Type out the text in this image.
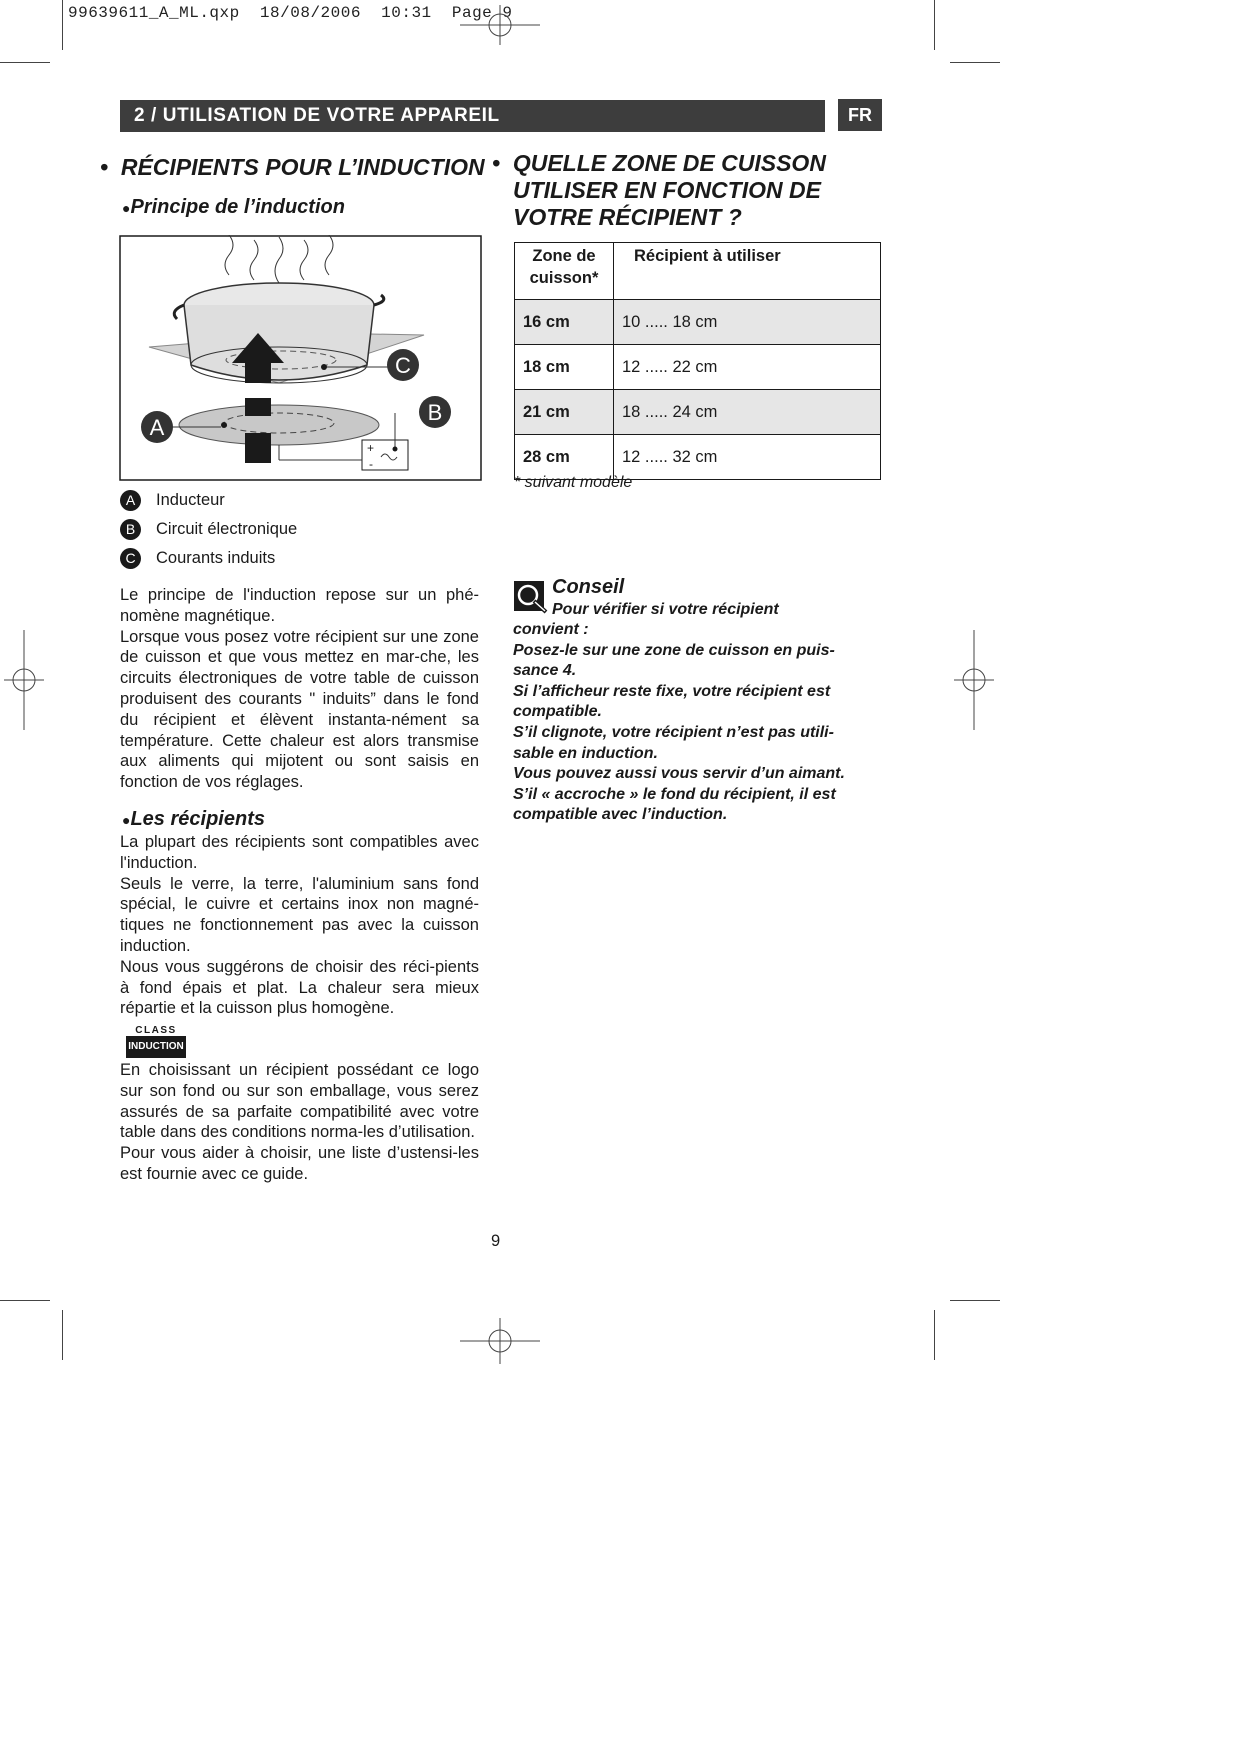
99639611_A_ML.qxp  18/08/2006  10:31  Page 9
2 / UTILISATION DE VOTRE APPAREIL	FR
•  RÉCIPIENTS POUR L’INDUCTION
●Principe de l’induction
+
-
C
B
A
A	Inducteur
B	Circuit électronique
C	Courants induits

Le principe de l'induction repose sur un phé-nomène magnétique.

Lorsque vous posez votre récipient sur une zone de cuisson et que vous mettez en mar-che, les circuits électroniques de votre table de cuisson produisent des courants " induits” dans le fond du récipient et élèvent instanta-nément sa température. Cette chaleur est alors transmise aux aliments qui mijotent ou sont saisis en fonction de vos réglages.

●Les récipients

La plupart des récipients sont compatibles avec l'induction.

Seuls le verre, la terre, l'aluminium sans fond spécial, le cuivre et certains inox non magné-tiques ne fonctionnement pas avec la cuisson induction.

Nous vous suggérons de choisir des réci-pients à fond épais et plat. La chaleur sera mieux répartie et la cuisson plus homogène.

CLASS
INDUCTION

En choisissant un récipient possédant ce logo sur son fond ou sur son emballage, vous serez assurés de sa parfaite compatibilité avec votre table dans des conditions norma-les d’utilisation.

Pour vous aider à choisir, une liste d’ustensi-les est fournie avec ce guide.

•  QUELLE ZONE DE CUISSON
UTILISER EN FONCTION DE
VOTRE RÉCIPIENT ?
Zone de
cuisson*	Récipient à utiliser
16 cm	10 ..... 18 cm
18 cm	12 ..... 22 cm
21 cm	18 ..... 24 cm
28 cm	12 ..... 32 cm
* suivant modèle
Conseil
Pour vérifier si votre récipient
convient :
Posez-le sur une zone de cuisson en puis-
sance 4.
Si l’afficheur reste fixe, votre récipient est
compatible.
S’il clignote, votre récipient n’est pas utili-
sable en induction.
Vous pouvez aussi vous servir d’un aimant.
S’il « accroche » le fond du récipient, il est
compatible avec l’induction.
9
